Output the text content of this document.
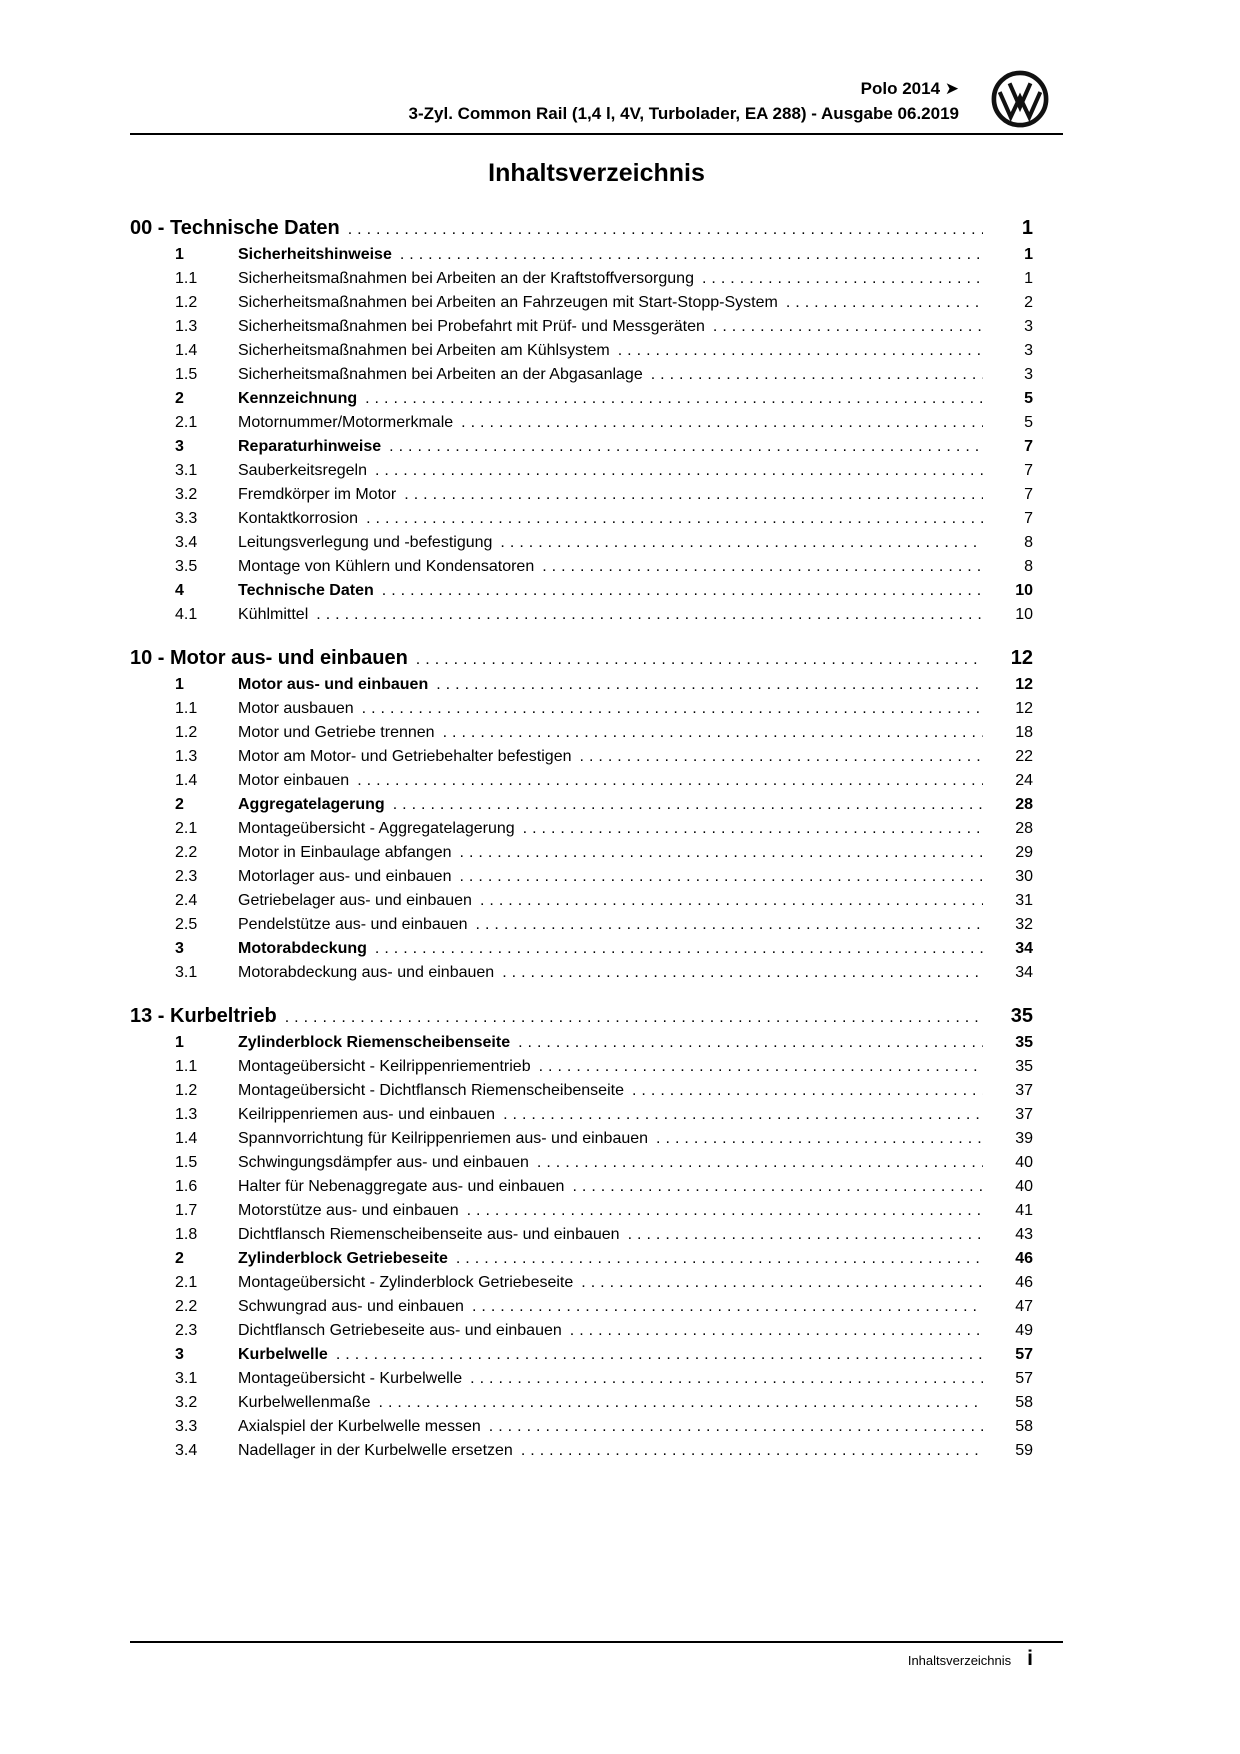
Polo 2014 ➤
3-Zyl. Common Rail (1,4 l, 4V, Turbolader, EA 288) - Ausgabe 06.2019
Inhaltsverzeichnis
00 - Technische Daten .....	1
1	Sicherheitshinweise .....	1
1.1	Sicherheitsmaßnahmen bei Arbeiten an der Kraftstoffversorgung .....	1
1.2	Sicherheitsmaßnahmen bei Arbeiten an Fahrzeugen mit Start-Stopp-System .....	2
1.3	Sicherheitsmaßnahmen bei Probefahrt mit Prüf- und Messgeräten .....	3
1.4	Sicherheitsmaßnahmen bei Arbeiten am Kühlsystem .....	3
1.5	Sicherheitsmaßnahmen bei Arbeiten an der Abgasanlage .....	3
2	Kennzeichnung .....	5
2.1	Motornummer/Motormerkmale .....	5
3	Reparaturhinweise .....	7
3.1	Sauberkeitsregeln .....	7
3.2	Fremdkörper im Motor .....	7
3.3	Kontaktkorrosion .....	7
3.4	Leitungsverlegung und -befestigung .....	8
3.5	Montage von Kühlern und Kondensatoren .....	8
4	Technische Daten .....	10
4.1	Kühlmittel .....	10
10 - Motor aus- und einbauen .....	12
1	Motor aus- und einbauen .....	12
1.1	Motor ausbauen .....	12
1.2	Motor und Getriebe trennen .....	18
1.3	Motor am Motor- und Getriebehalter befestigen .....	22
1.4	Motor einbauen .....	24
2	Aggregatelagerung .....	28
2.1	Montageübersicht - Aggregatelagerung .....	28
2.2	Motor in Einbaulage abfangen .....	29
2.3	Motorlager aus- und einbauen .....	30
2.4	Getriebelager aus- und einbauen .....	31
2.5	Pendelstütze aus- und einbauen .....	32
3	Motorabdeckung .....	34
3.1	Motorabdeckung aus- und einbauen .....	34
13 - Kurbeltrieb .....	35
1	Zylinderblock Riemenscheibenseite .....	35
1.1	Montageübersicht - Keilrippenriementrieb .....	35
1.2	Montageübersicht - Dichtflansch Riemenscheibenseite .....	37
1.3	Keilrippenriemen aus- und einbauen .....	37
1.4	Spannvorrichtung für Keilrippenriemen aus- und einbauen .....	39
1.5	Schwingungsdämpfer aus- und einbauen .....	40
1.6	Halter für Nebenaggregate aus- und einbauen .....	40
1.7	Motorstütze aus- und einbauen .....	41
1.8	Dichtflansch Riemenscheibenseite aus- und einbauen .....	43
2	Zylinderblock Getriebeseite .....	46
2.1	Montageübersicht - Zylinderblock Getriebeseite .....	46
2.2	Schwungrad aus- und einbauen .....	47
2.3	Dichtflansch Getriebeseite aus- und einbauen .....	49
3	Kurbelwelle .....	57
3.1	Montageübersicht - Kurbelwelle .....	57
3.2	Kurbelwellenmaße .....	58
3.3	Axialspiel der Kurbelwelle messen .....	58
3.4	Nadellager in der Kurbelwelle ersetzen .....	59
Inhaltsverzeichnis i
